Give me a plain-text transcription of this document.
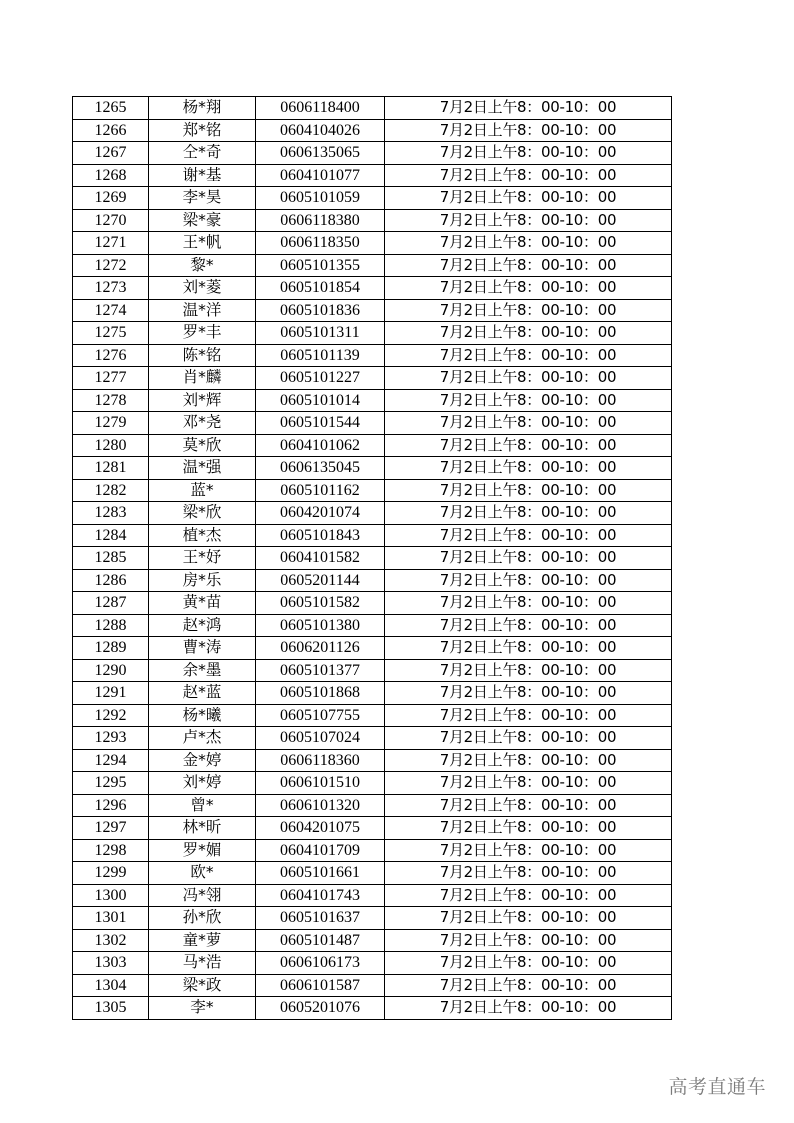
1265	杨*翔	0606118400	7月2日上午8：00-10：00
1266	郑*铭	0604104026	7月2日上午8：00-10：00
1267	仝*奇	0606135065	7月2日上午8：00-10：00
1268	谢*基	0604101077	7月2日上午8：00-10：00
1269	李*昊	0605101059	7月2日上午8：00-10：00
1270	梁*豪	0606118380	7月2日上午8：00-10：00
1271	王*帆	0606118350	7月2日上午8：00-10：00
1272	黎*	0605101355	7月2日上午8：00-10：00
1273	刘*菱	0605101854	7月2日上午8：00-10：00
1274	温*洋	0605101836	7月2日上午8：00-10：00
1275	罗*丰	0605101311	7月2日上午8：00-10：00
1276	陈*铭	0605101139	7月2日上午8：00-10：00
1277	肖*麟	0605101227	7月2日上午8：00-10：00
1278	刘*辉	0605101014	7月2日上午8：00-10：00
1279	邓*尧	0605101544	7月2日上午8：00-10：00
1280	莫*欣	0604101062	7月2日上午8：00-10：00
1281	温*强	0606135045	7月2日上午8：00-10：00
1282	蓝*	0605101162	7月2日上午8：00-10：00
1283	梁*欣	0604201074	7月2日上午8：00-10：00
1284	植*杰	0605101843	7月2日上午8：00-10：00
1285	王*妤	0604101582	7月2日上午8：00-10：00
1286	房*乐	0605201144	7月2日上午8：00-10：00
1287	黄*苗	0605101582	7月2日上午8：00-10：00
1288	赵*鸿	0605101380	7月2日上午8：00-10：00
1289	曹*涛	0606201126	7月2日上午8：00-10：00
1290	余*墨	0605101377	7月2日上午8：00-10：00
1291	赵*蓝	0605101868	7月2日上午8：00-10：00
1292	杨*曦	0605107755	7月2日上午8：00-10：00
1293	卢*杰	0605107024	7月2日上午8：00-10：00
1294	金*婷	0606118360	7月2日上午8：00-10：00
1295	刘*婷	0606101510	7月2日上午8：00-10：00
1296	曾*	0606101320	7月2日上午8：00-10：00
1297	林*昕	0604201075	7月2日上午8：00-10：00
1298	罗*媚	0604101709	7月2日上午8：00-10：00
1299	欧*	0605101661	7月2日上午8：00-10：00
1300	冯*翎	0604101743	7月2日上午8：00-10：00
1301	孙*欣	0605101637	7月2日上午8：00-10：00
1302	童*萝	0605101487	7月2日上午8：00-10：00
1303	马*浩	0606106173	7月2日上午8：00-10：00
1304	梁*政	0606101587	7月2日上午8：00-10：00
1305	李*	0605201076	7月2日上午8：00-10：00
高考直通车
